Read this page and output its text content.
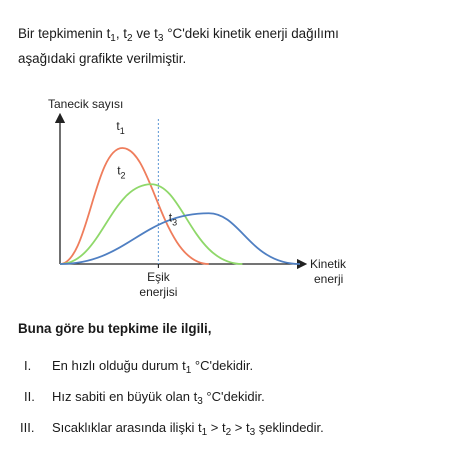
Bir tepkimenin $t_1$, $t_2$ ve $t_3$ °C'deki kinetik enerji dağılımı
aşağıdaki grafikte verilmiştir.
Tanecik sayısı
Kinetik
enerji
Eşik
enerjisi
$t_1$
$t_2$
$t_3$
Buna göre bu tepkime ile ilgili,
I. En hızlı olduğu durum $t_1$ °C'dekidir.
II. Hız sabiti en büyük olan $t_3$ °C'dekidir.
III. Sıcaklıklar arasında ilişki $t_1 > t_2 > t_3$ şeklindedir.
